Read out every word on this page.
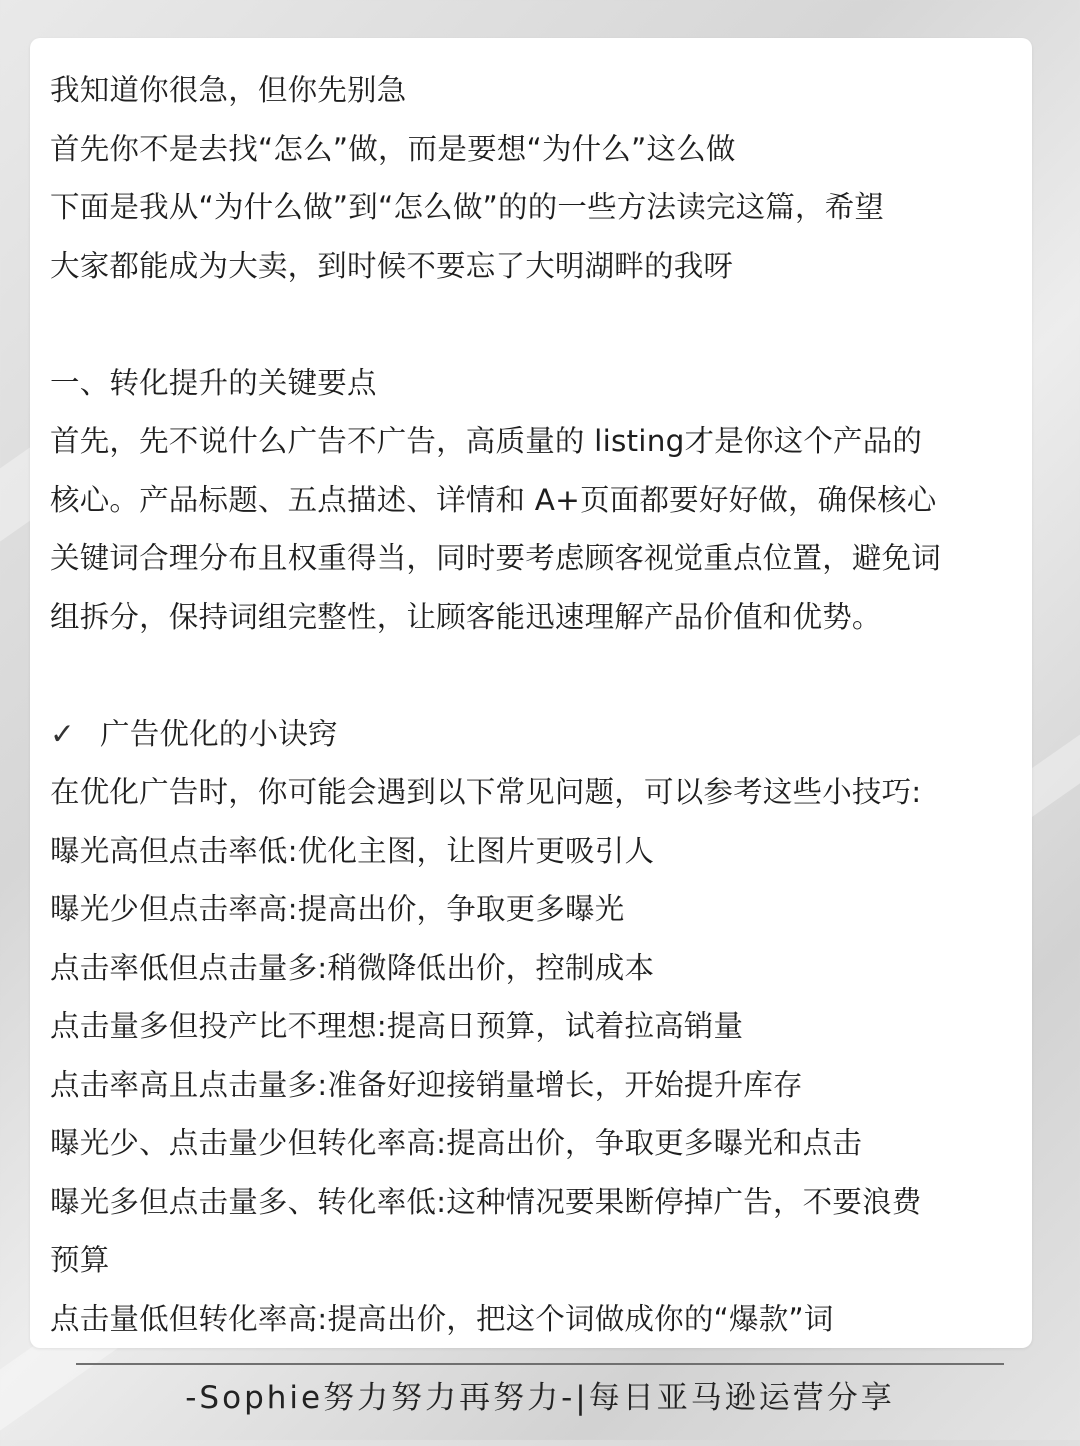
我知道你很急，但你先别急
首先你不是去找“怎么”做，而是要想“为什么”这么做
下面是我从“为什么做”到“怎么做”的的一些方法读完这篇，希望
大家都能成为大卖，到时候不要忘了大明湖畔的我呀
一、转化提升的关键要点
首先，先不说什么广告不广告，高质量的 listing才是你这个产品的
核心。产品标题、五点描述、详情和 A+页面都要好好做，确保核心
关键词合理分布且权重得当，同时要考虑顾客视觉重点位置，避免词
组拆分，保持词组完整性，让顾客能迅速理解产品价值和优势。
✓ 广告优化的小诀窍
在优化广告时，你可能会遇到以下常见问题，可以参考这些小技巧:
曝光高但点击率低:优化主图，让图片更吸引人
曝光少但点击率高:提高出价，争取更多曝光
点击率低但点击量多:稍微降低出价，控制成本
点击量多但投产比不理想:提高日预算，试着拉高销量
点击率高且点击量多:准备好迎接销量增长，开始提升库存
曝光少、点击量少但转化率高:提高出价，争取更多曝光和点击
曝光多但点击量多、转化率低:这种情况要果断停掉广告，不要浪费
预算
点击量低但转化率高:提高出价，把这个词做成你的“爆款”词
-Sophie努力努力再努力-|每日亚马逊运营分享
